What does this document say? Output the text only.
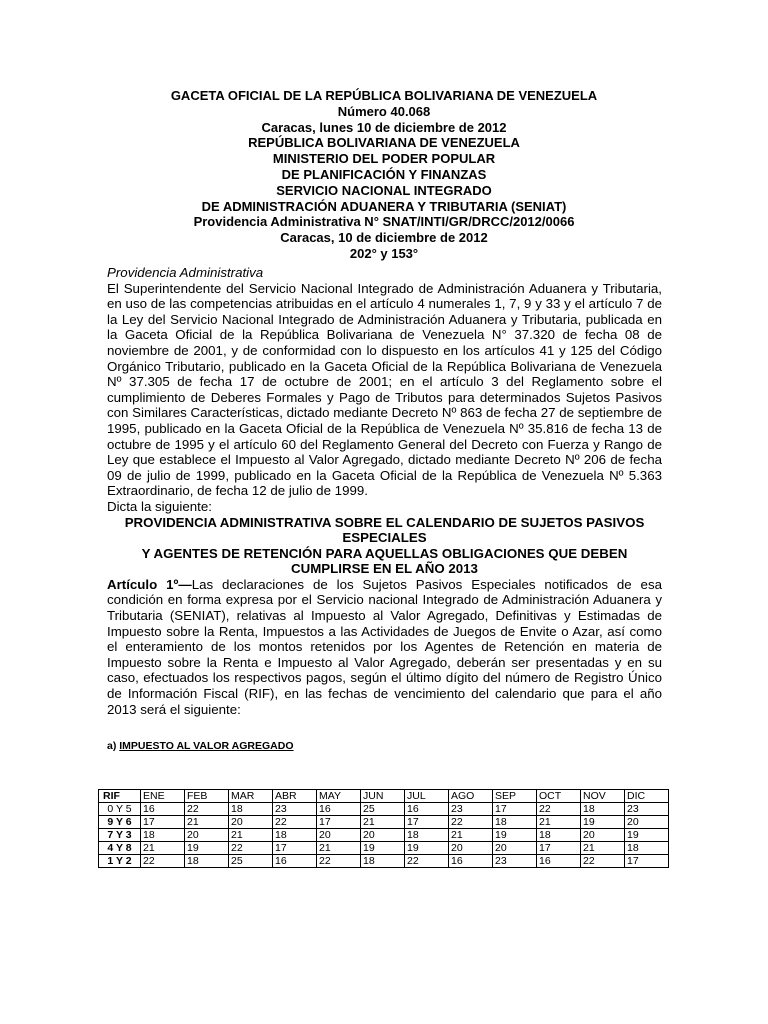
GACETA OFICIAL DE LA REPÚBLICA BOLIVARIANA DE VENEZUELA
Número 40.068
Caracas, lunes 10 de diciembre de 2012
REPÚBLICA BOLIVARIANA DE VENEZUELA
MINISTERIO DEL PODER POPULAR
DE PLANIFICACIÓN Y FINANZAS
SERVICIO NACIONAL INTEGRADO
DE ADMINISTRACIÓN ADUANERA Y TRIBUTARIA (SENIAT)
Providencia Administrativa N° SNAT/INTI/GR/DRCC/2012/0066
Caracas, 10 de diciembre de 2012
202° y 153°

Providencia Administrativa

El Superintendente del Servicio Nacional Integrado de Administración Aduanera y Tributaria, en uso de las competencias atribuidas en el artículo 4 numerales 1, 7, 9 y 33 y el artículo 7 de la Ley del Servicio Nacional Integrado de Administración Aduanera y Tributaria, publicada en la Gaceta Oficial de la República Bolivariana de Venezuela N° 37.320 de fecha 08 de noviembre de 2001, y de conformidad con lo dispuesto en los artículos 41 y 125 del Código Orgánico Tributario, publicado en la Gaceta Oficial de la República Bolivariana de Venezuela Nº 37.305 de fecha 17 de octubre de 2001; en el artículo 3 del Reglamento sobre el cumplimiento de Deberes Formales y Pago de Tributos para determinados Sujetos Pasivos con Similares Características, dictado mediante Decreto Nº 863 de fecha 27 de septiembre de 1995, publicado en la Gaceta Oficial de la República de Venezuela Nº 35.816 de fecha 13 de octubre de 1995 y el artículo 60 del Reglamento General del Decreto con Fuerza y Rango de Ley que establece el Impuesto al Valor Agregado, dictado mediante Decreto Nº 206 de fecha 09 de julio de 1999, publicado en la Gaceta Oficial de la República de Venezuela Nº 5.363 Extraordinario, de fecha 12 de julio de 1999.

Dicta la siguiente:

PROVIDENCIA ADMINISTRATIVA SOBRE EL CALENDARIO DE SUJETOS PASIVOS ESPECIALES

Y AGENTES DE RETENCIÓN PARA AQUELLAS OBLIGACIONES QUE DEBEN CUMPLIRSE EN EL AÑO 2013

Artículo 1º—Las declaraciones de los Sujetos Pasivos Especiales notificados de esa condición en forma expresa por el Servicio nacional Integrado de Administración Aduanera y Tributaria (SENIAT), relativas al Impuesto al Valor Agregado, Definitivas y Estimadas de Impuesto sobre la Renta, Impuestos a las Actividades de Juegos de Envite o Azar, así como el enteramiento de los montos retenidos por los Agentes de Retención en materia de Impuesto sobre la Renta e Impuesto al Valor Agregado, deberán ser presentadas y en su caso, efectuados los respectivos pagos, según el último dígito del número de Registro Único de Información Fiscal (RIF), en las fechas de vencimiento del calendario que para el año 2013 será el siguiente:

a) IMPUESTO AL VALOR AGREGADO
RIF	ENE	FEB	MAR	ABR	MAY	JUN	JUL	AGO	SEP	OCT	NOV	DIC
0 Y 5	16	22	18	23	16	25	16	23	17	22	18	23
9 Y 6	17	21	20	22	17	21	17	22	18	21	19	20
7 Y 3	18	20	21	18	20	20	18	21	19	18	20	19
4 Y 8	21	19	22	17	21	19	19	20	20	17	21	18
1 Y 2	22	18	25	16	22	18	22	16	23	16	22	17
